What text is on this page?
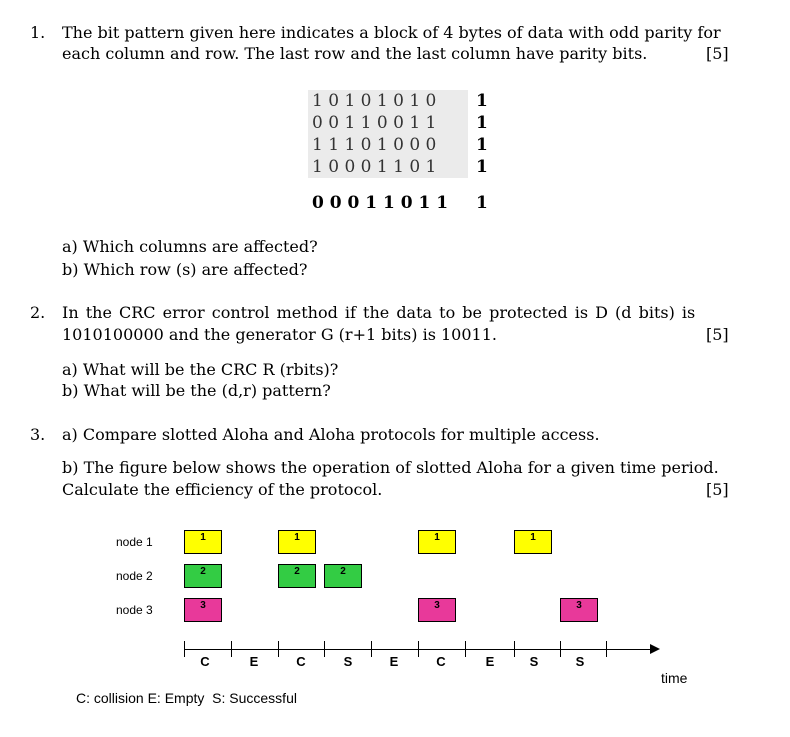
1. The bit pattern given here indicates a block of 4 bytes of data with odd parity for
each column and row. The last row and the last column have parity bits.	[5]
1 0 1 0 1 0 1 0	1
0 0 1 1 0 0 1 1	1
1 1 1 0 1 0 0 0	1
1 0 0 0 1 1 0 1	1
0 0 0 1 1 0 1 1	1
a) Which columns are affected?
b) Which row (s) are affected?
2. In the CRC error control method if the data to be protected is D (d bits) is
1010100000 and the generator G (r+1 bits) is 10011.	[5]
a) What will be the CRC R (rbits)?
b) What will be the (d,r) pattern?
3. a) Compare slotted Aloha and Aloha protocols for multiple access.
b) The figure below shows the operation of slotted Aloha for a given time period.
Calculate the efficiency of the protocol.	[5]
node 1
node 2
node 3
1	1	1	1
2	2	2
3	3	3
C	E	C	S	E	C	E	S	S
time
C: collision E: Empty  S: Successful
